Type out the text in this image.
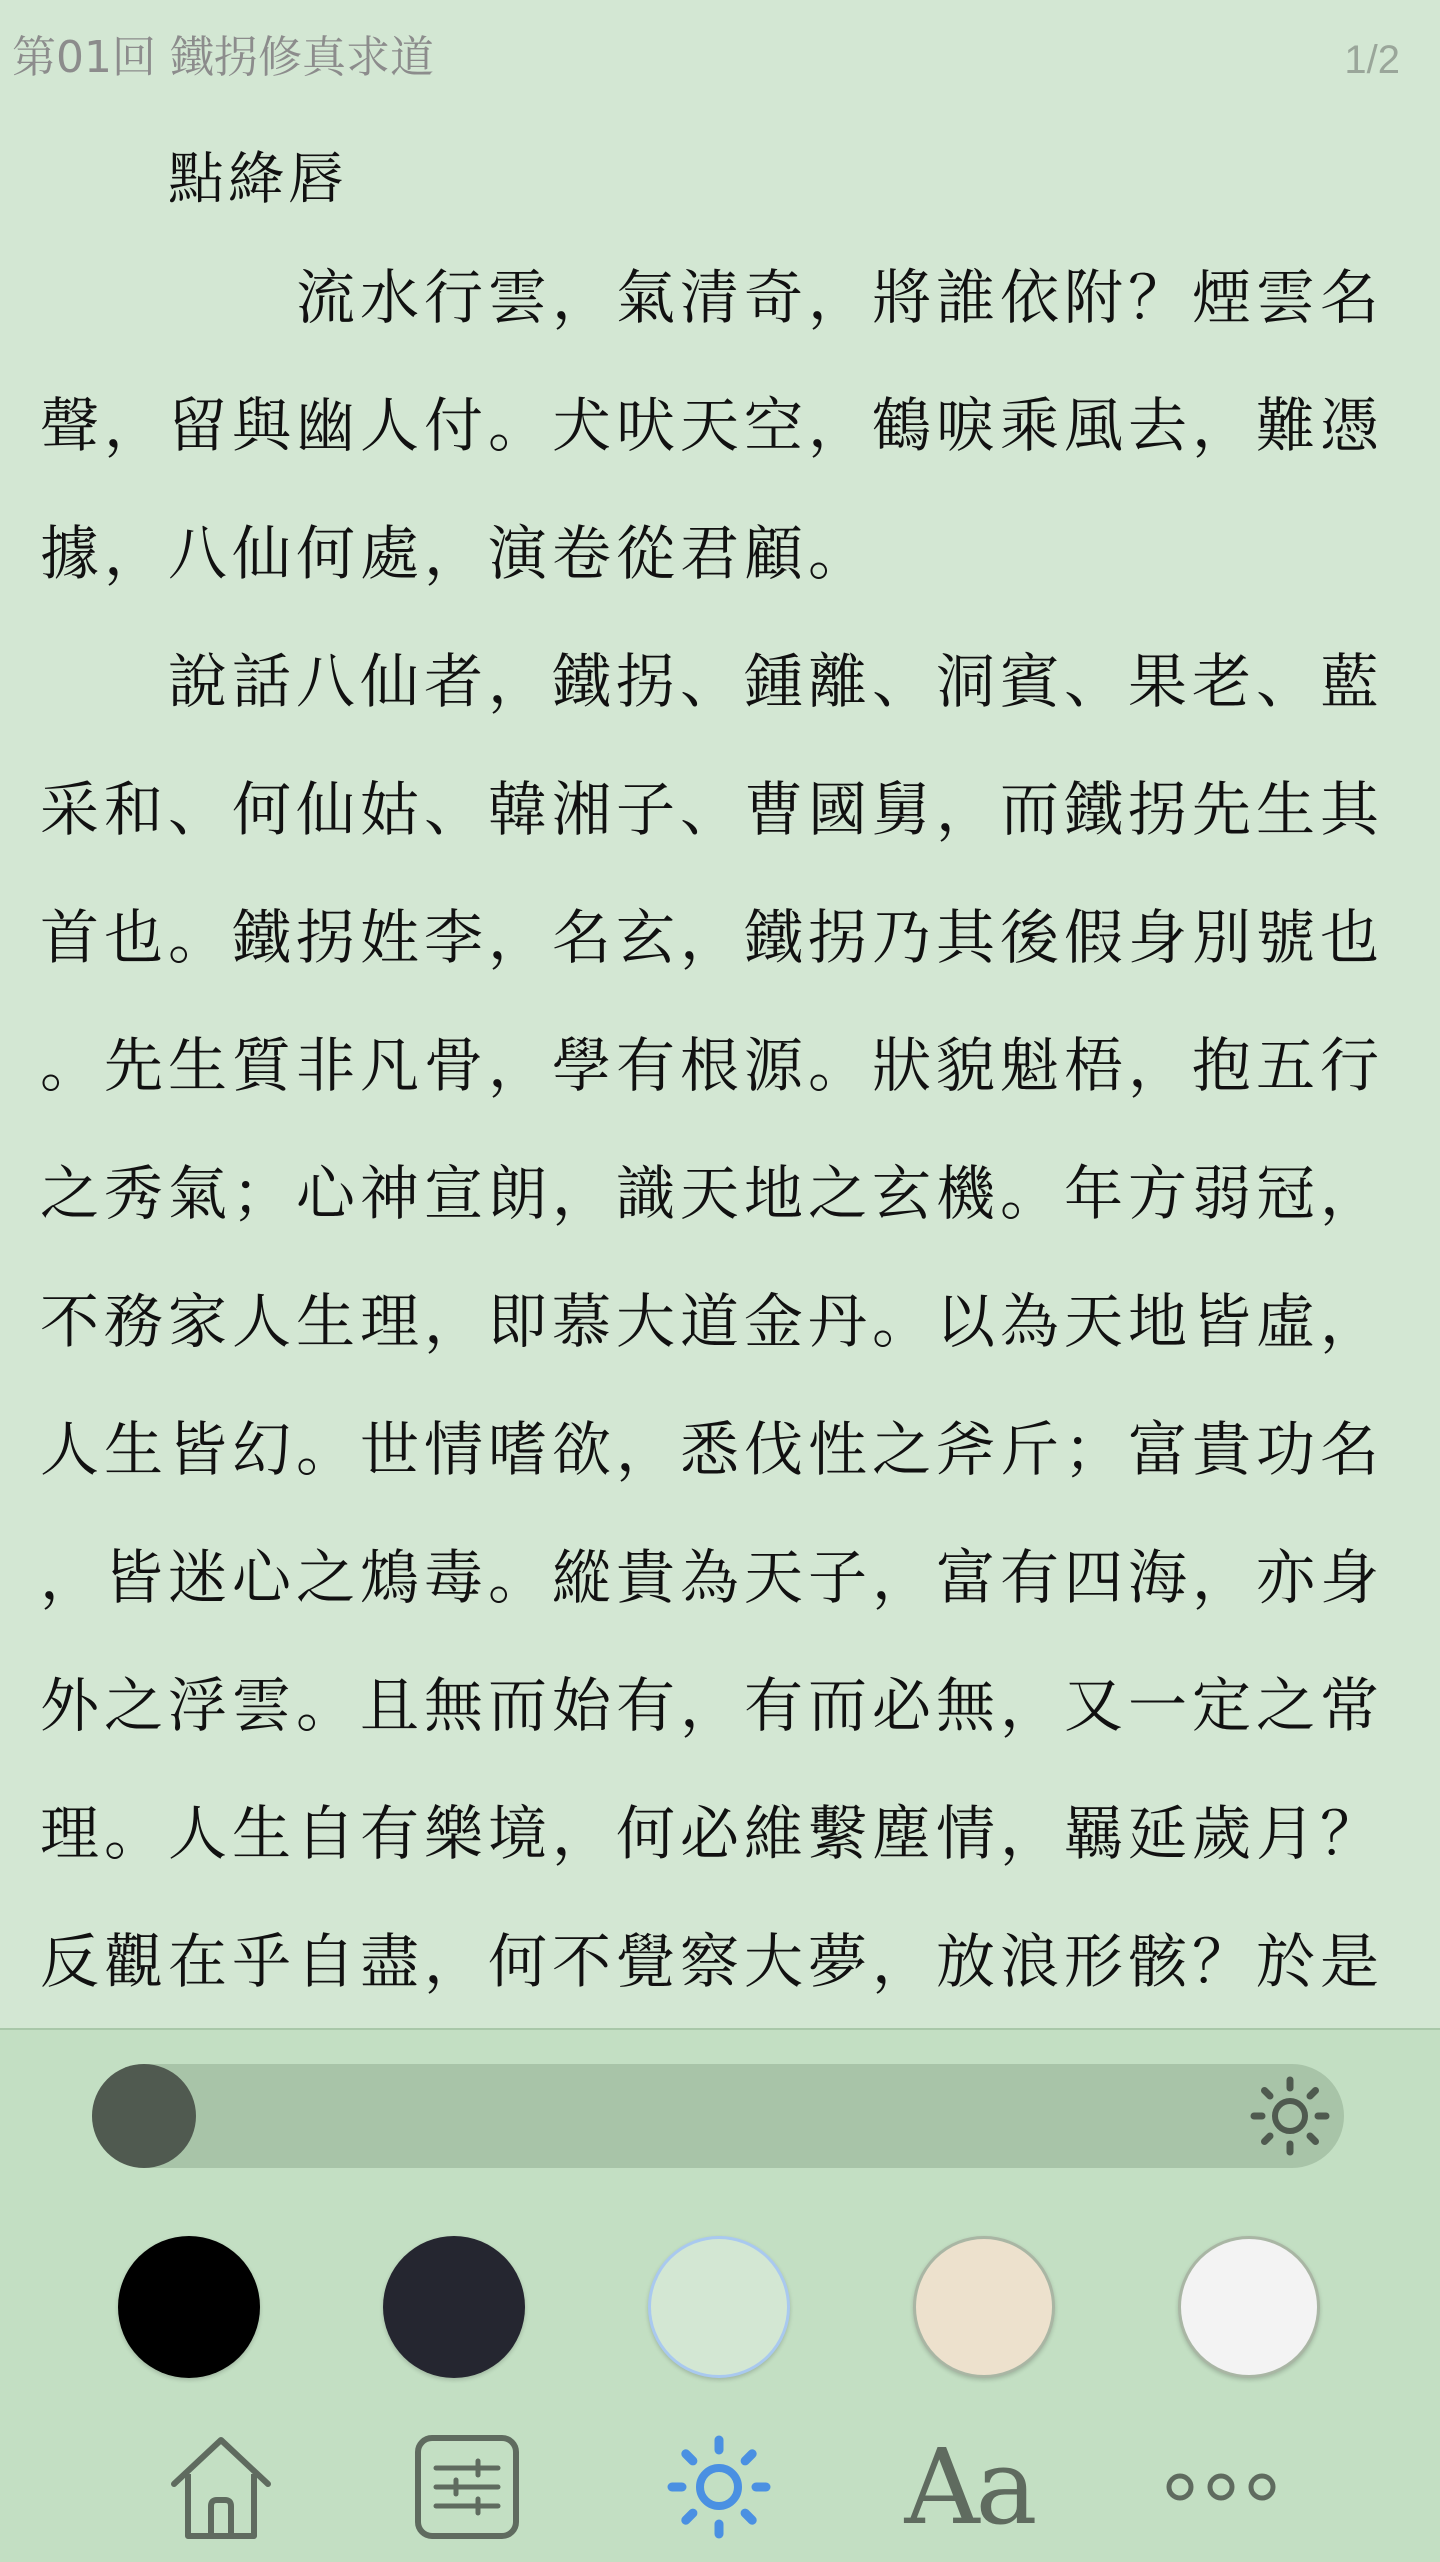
第01回 鐵拐修真求道	1/2
點絳唇
流水行雲，氣清奇，將誰依附？煙雲名
聲，留與幽人付。犬吠天空，鶴唳乘風去，難憑
據，八仙何處，演卷從君顧。
說話八仙者，鐵拐、鍾離、洞賓、果老、藍
采和、何仙姑、韓湘子、曹國舅，而鐵拐先生其
首也。鐵拐姓李，名玄，鐵拐乃其後假身別號也
。先生質非凡骨，學有根源。狀貌魁梧，抱五行
之秀氣；心神宣朗，識天地之玄機。年方弱冠，
不務家人生理，即慕大道金丹。以為天地皆虛，
人生皆幻。世情嗜欲，悉伐性之斧斤；富貴功名
，皆迷心之鴆毒。縱貴為天子，富有四海，亦身
外之浮雲。且無而始有，有而必無，又一定之常
理。人生自有樂境，何必維繫塵情，羈延歲月？
反觀在乎自盡，何不覺察大夢，放浪形骸？於是
Aa
